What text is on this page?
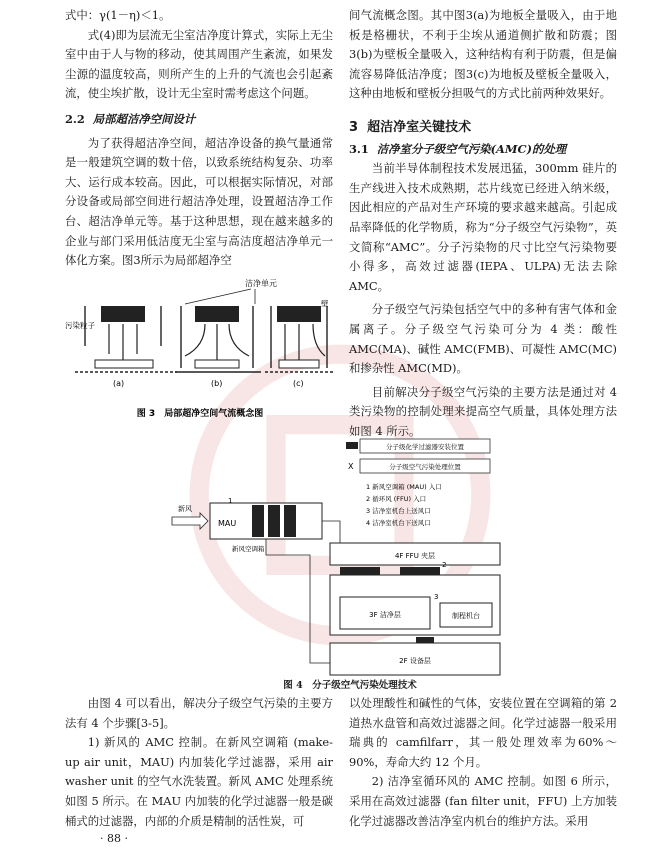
式中：γ(1－η)＜1。

式(4)即为层流无尘室洁净度计算式，实际上无尘室中由于人与物的移动，使其周围产生紊流，如果发尘源的温度较高，则所产生的上升的气流也会引起紊流，使尘埃扩散，设计无尘室时需考虑这个问题。

2.2 局部超洁净空间设计

为了获得超洁净空间，超洁净设备的换气量通常是一般建筑空调的数十倍，以致系统结构复杂、功率大、运行成本较高。因此，可以根据实际情况，对部分设备或局部空间进行超洁净处理，设置超洁净工作台、超洁净单元等。基于这种思想，现在越来越多的企业与部门采用低洁度无尘室与高洁度超洁净单元一体化方案。图3所示为局部超净空

洁净单元
污染粒子
(a)
偏流
(b)
壁
(c)
图 3　局部超净空间气流概念图

间气流概念图。其中图3(a)为地板全量吸入，由于地板是格栅状，不利于尘埃从通道侧扩散和防震；图3(b)为壁板全量吸入，这种结构有利于防震，但是偏流容易降低洁净度；图3(c)为地板及壁板全量吸入，这种由地板和壁板分担吸气的方式比前两种效果好。

3 超洁净室关键技术

3.1 洁净室分子级空气污染(AMC)的处理

当前半导体制程技术发展迅猛，300mm 硅片的生产线进入技术成熟期，芯片线宽已经进入纳米级，因此相应的产品对生产环境的要求越来越高。引起成品率降低的化学物质，称为“分子级空气污染物”，英文简称“AMC”。分子污染物的尺寸比空气污染物要小得多，高效过滤器(IEPA、ULPA)无法去除 AMC。

分子级空气污染包括空气中的多种有害气体和金属离子。分子级空气污染可分为 4 类：酸性 AMC(MA)、碱性 AMC(FMB)、可凝性 AMC(MC)和掺杂性 AMC(MD)。

目前解决分子级空气污染的主要方法是通过对 4 类污染物的控制处理来提高空气质量，具体处理方法如图 4 所示。

分子级化学过滤器安装位置
X	分子级空气污染处理位置
1 新风空调箱 (MAU) 入口
2 循环风 (FFU) 入口
3 洁净室机台上送风口
4 洁净室机台下送风口
新风
MAU
1
新风空调箱
4F FFU 夹层
2
3F 洁净层
3
制程机台
2F 设备层
图 4　分子级空气污染处理技术

由图 4 可以看出，解决分子级空气污染的主要方法有 4 个步骤[3-5]。

1) 新风的 AMC 控制。在新风空调箱 (make-up air unit，MAU) 内加装化学过滤器，采用 air washer unit 的空气水洗装置。新风 AMC 处理系统如图 5 所示。在 MAU 内加装的化学过滤器一般是碳桶式的过滤器，内部的介质是精制的活性炭，可

以处理酸性和碱性的气体，安装位置在空调箱的第 2 道热水盘管和高效过滤器之间。化学过滤器一般采用瑞典的 camfilfarr，其一般处理效率为60%～90%，寿命大约 12 个月。

2) 洁净室循环风的 AMC 控制。如图 6 所示，采用在高效过滤器 (fan filter unit，FFU) 上方加装化学过滤器改善洁净室内机台的维护方法。采用

· 88 ·
